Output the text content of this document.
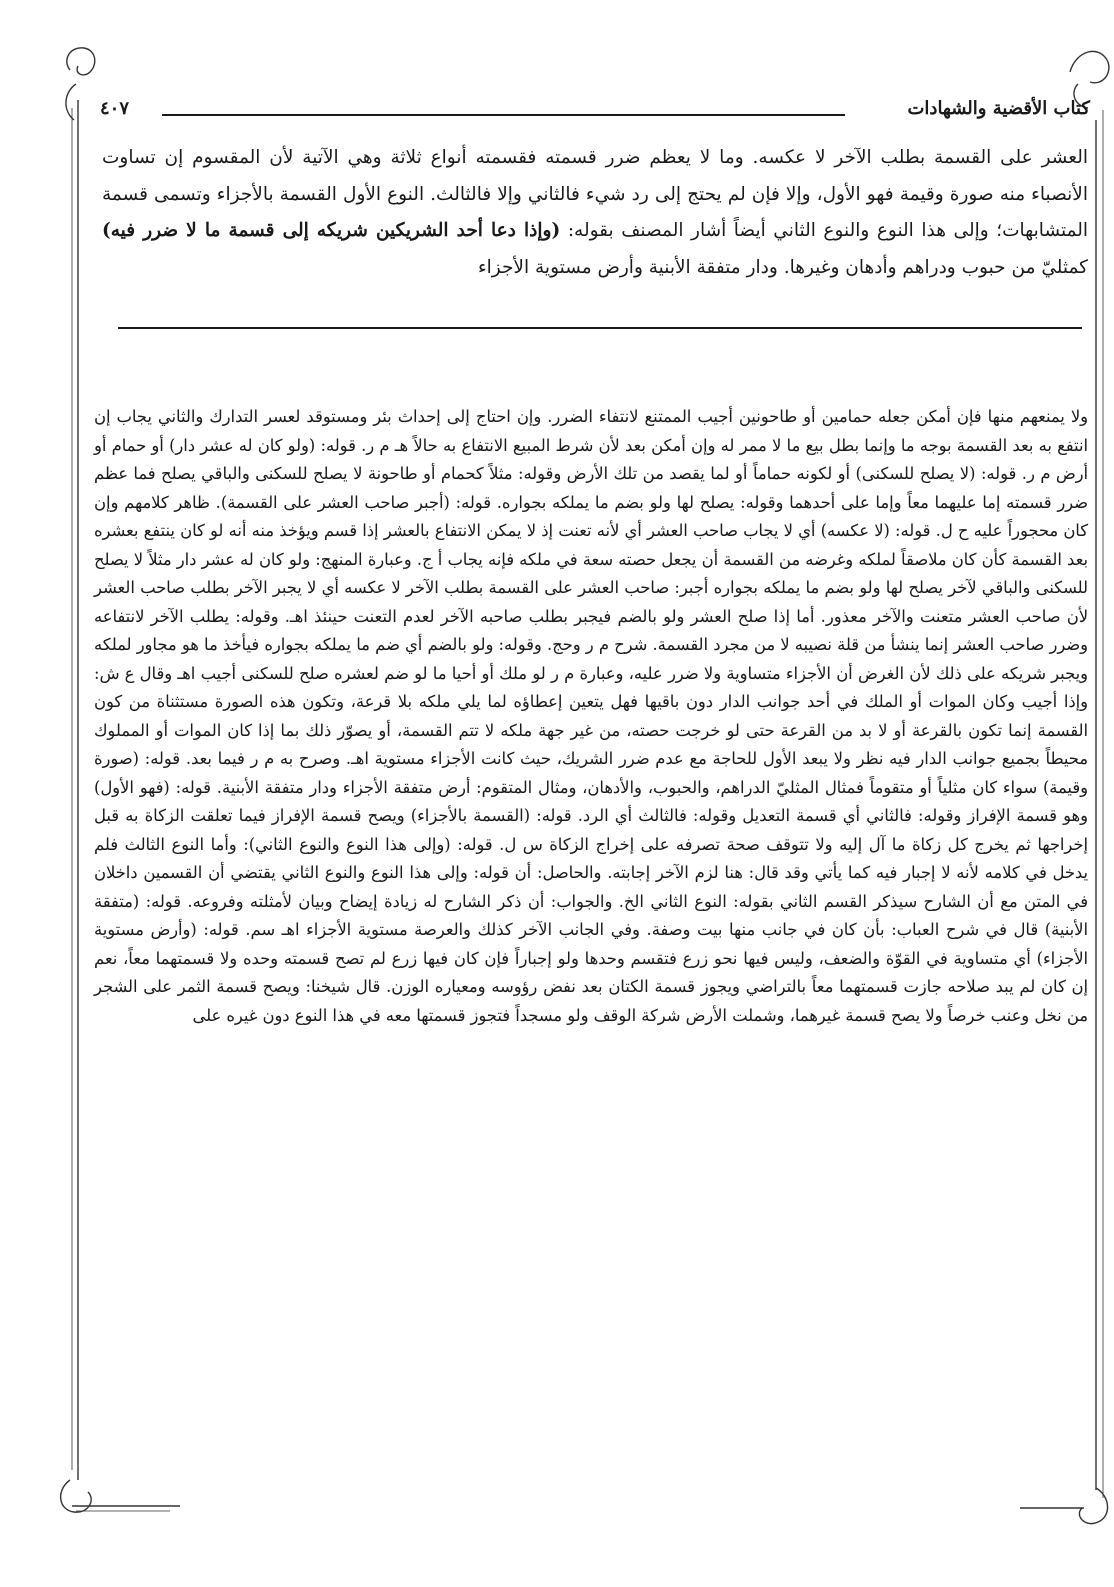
كتاب الأقضية والشهادات
٤٠٧

العشر على القسمة بطلب الآخر لا عكسه. وما لا يعظم ضرر قسمته فقسمته أنواع ثلاثة وهي الآتية لأن المقسوم إن تساوت الأنصباء منه صورة وقيمة فهو الأول، وإلا فإن لم يحتج إلى رد شيء فالثاني وإلا فالثالث. النوع الأول القسمة بالأجزاء وتسمى قسمة المتشابهات؛ وإلى هذا النوع والنوع الثاني أيضاً أشار المصنف بقوله: (وإذا دعا أحد الشريكين شريكه إلى قسمة ما لا ضرر فيه) كمثليّ من حبوب ودراهم وأدهان وغيرها. ودار متفقة الأبنية وأرض مستوية الأجزاء

ولا يمنعهم منها فإن أمكن جعله حمامين أو طاحونين أجيب الممتنع لانتفاء الضرر. وإن احتاج إلى إحداث بئر ومستوقد لعسر التدارك والثاني يجاب إن انتفع به بعد القسمة بوجه ما وإنما بطل بيع ما لا ممر له وإن أمكن بعد لأن شرط المبيع الانتفاع به حالاً هـ م ر. قوله: (ولو كان له عشر دار) أو حمام أو أرض م ر. قوله: (لا يصلح للسكنى) أو لكونه حماماً أو لما يقصد من تلك الأرض وقوله: مثلاً كحمام أو طاحونة لا يصلح للسكنى والباقي يصلح فما عظم ضرر قسمته إما عليهما معاً وإما على أحدهما وقوله: يصلح لها ولو بضم ما يملكه بجواره. قوله: (أجبر صاحب العشر على القسمة). ظاهر كلامهم وإن كان محجوراً عليه ح ل. قوله: (لا عكسه) أي لا يجاب صاحب العشر أي لأنه تعنت إذ لا يمكن الانتفاع بالعشر إذا قسم ويؤخذ منه أنه لو كان ينتفع بعشره بعد القسمة كأن كان ملاصقاً لملكه وغرضه من القسمة أن يجعل حصته سعة في ملكه فإنه يجاب أ ج. وعبارة المنهج: ولو كان له عشر دار مثلاً لا يصلح للسكنى والباقي لآخر يصلح لها ولو بضم ما يملكه بجواره أجبر: صاحب العشر على القسمة بطلب الآخر لا عكسه أي لا يجبر الآخر بطلب صاحب العشر لأن صاحب العشر متعنت والآخر معذور. أما إذا صلح العشر ولو بالضم فيجبر بطلب صاحبه الآخر لعدم التعنت حينئذ اهـ. وقوله: يطلب الآخر لانتفاعه وضرر صاحب العشر إنما ينشأ من قلة نصيبه لا من مجرد القسمة. شرح م ر وحج. وقوله: ولو بالضم أي ضم ما يملكه بجواره فيأخذ ما هو مجاور لملكه ويجبر شريكه على ذلك لأن الغرض أن الأجزاء متساوية ولا ضرر عليه، وعبارة م ر لو ملك أو أحيا ما لو ضم لعشره صلح للسكنى أجيب اهـ وقال ع ش: وإذا أجيب وكان الموات أو الملك في أحد جوانب الدار دون باقيها فهل يتعين إعطاؤه لما يلي ملكه بلا قرعة، وتكون هذه الصورة مستثناة من كون القسمة إنما تكون بالقرعة أو لا بد من القرعة حتى لو خرجت حصته، من غير جهة ملكه لا تتم القسمة، أو يصوّر ذلك بما إذا كان الموات أو المملوك محيطاً بجميع جوانب الدار فيه نظر ولا يبعد الأول للحاجة مع عدم ضرر الشريك، حيث كانت الأجزاء مستوية اهـ. وصرح به م ر فيما بعد. قوله: (صورة وقيمة) سواء كان مثلياً أو متقوماً فمثال المثليّ الدراهم، والحبوب، والأدهان، ومثال المتقوم: أرض متفقة الأجزاء ودار متفقة الأبنية. قوله: (فهو الأول) وهو قسمة الإفراز وقوله: فالثاني أي قسمة التعديل وقوله: فالثالث أي الرد. قوله: (القسمة بالأجزاء) ويصح قسمة الإفراز فيما تعلقت الزكاة به قبل إخراجها ثم يخرج كل زكاة ما آل إليه ولا تتوقف صحة تصرفه على إخراج الزكاة س ل. قوله: (وإلى هذا النوع والنوع الثاني): وأما النوع الثالث فلم يدخل في كلامه لأنه لا إجبار فيه كما يأتي وقد قال: هنا لزم الآخر إجابته. والحاصل: أن قوله: وإلى هذا النوع والنوع الثاني يقتضي أن القسمين داخلان في المتن مع أن الشارح سيذكر القسم الثاني بقوله: النوع الثاني الخ. والجواب: أن ذكر الشارح له زيادة إيضاح وبيان لأمثلته وفروعه. قوله: (متفقة الأبنية) قال في شرح العباب: بأن كان في جانب منها بيت وصفة. وفي الجانب الآخر كذلك والعرصة مستوية الأجزاء اهـ سم. قوله: (وأرض مستوية الأجزاء) أي متساوية في القوّة والضعف، وليس فيها نحو زرع فتقسم وحدها ولو إجباراً فإن كان فيها زرع لم تصح قسمته وحده ولا قسمتهما معاً، نعم إن كان لم يبد صلاحه جازت قسمتهما معاً بالتراضي ويجوز قسمة الكتان بعد نفض رؤوسه ومعياره الوزن. قال شيخنا: ويصح قسمة الثمر على الشجر من نخل وعنب خرصاً ولا يصح قسمة غيرهما، وشملت الأرض شركة الوقف ولو مسجداً فتجوز قسمتها معه في هذا النوع دون غيره على
